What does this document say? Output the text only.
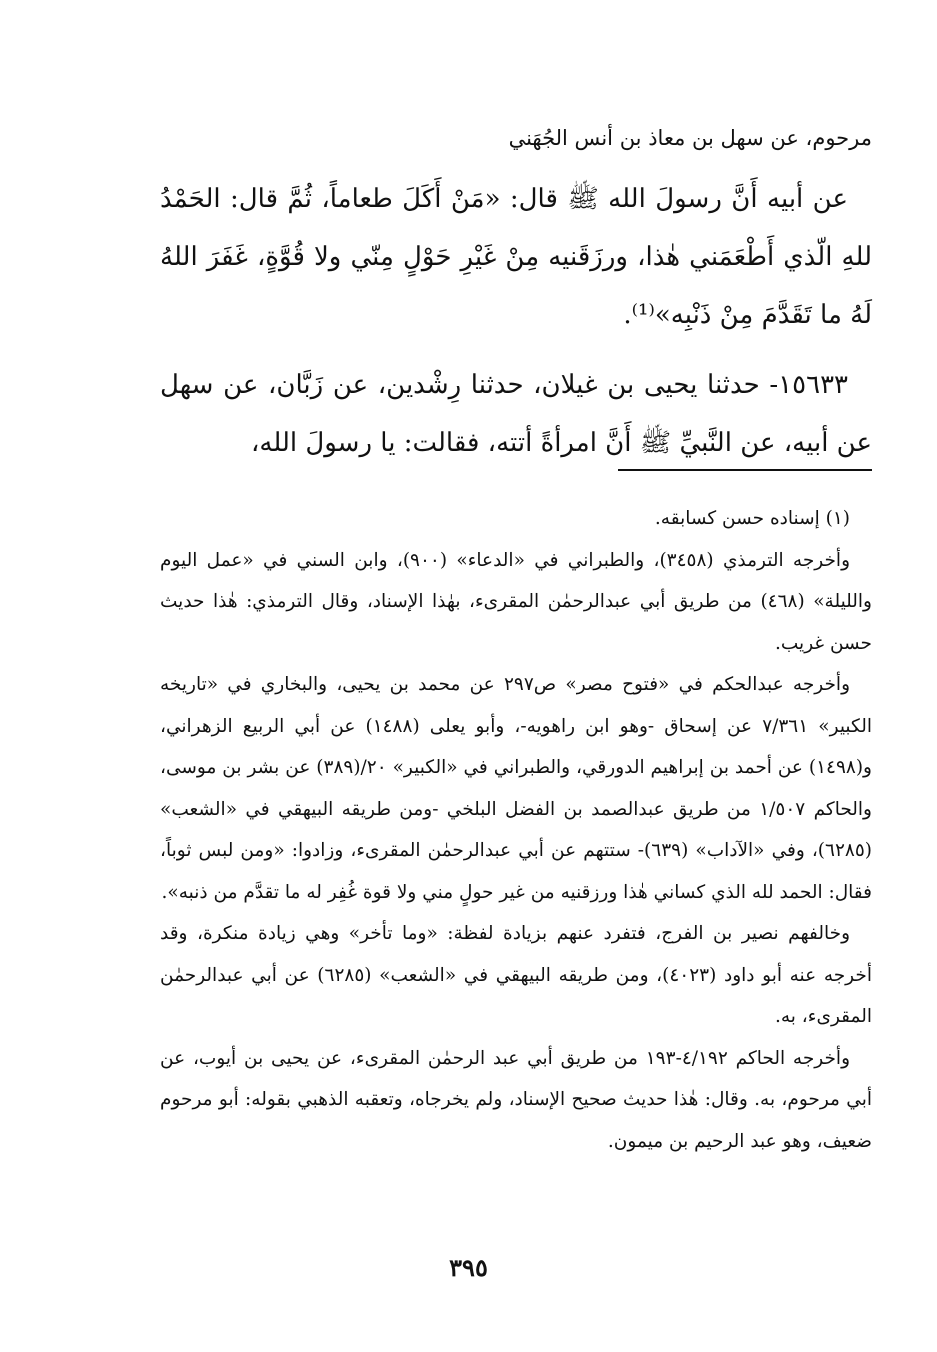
مرحوم، عن سهل بن معاذ بن أنس الجُهَني

عن أبيه أَنَّ رسولَ الله ﷺ قال: «مَنْ أَكَلَ طعاماً، ثُمَّ قال: الحَمْدُ للهِ الّذي أَطْعَمَني هٰذا، ورزَقَنيه مِنْ غَيْرِ حَوْلٍ مِنّي ولا قُوَّةٍ، غَفَرَ اللهُ لَهُ ما تَقَدَّمَ مِنْ ذَنْبِه»⁽¹⁾.

١٥٦٣٣- حدثنا يحيى بن غيلان، حدثنا رِشْدين، عن زَبَّان، عن سهل عن أبيه، عن النَّبيِّ ﷺ أَنَّ امرأةً أتته، فقالت: يا رسولَ الله،

(١) إسناده حسن كسابقه.

وأخرجه الترمذي (٣٤٥٨)، والطبراني في «الدعاء» (٩٠٠)، وابن السني في «عمل اليوم والليلة» (٤٦٨) من طريق أبي عبدالرحمٰن المقرىء، بهٰذا الإسناد، وقال الترمذي: هٰذا حديث حسن غريب.

وأخرجه عبدالحكم في «فتوح مصر» ص٢٩٧ عن محمد بن يحيى، والبخاري في «تاريخه الكبير» ٧/٣٦١ عن إسحاق -وهو ابن راهويه-، وأبو يعلى (١٤٨٨) عن أبي الربيع الزهراني، و(١٤٩٨) عن أحمد بن إبراهيم الدورقي، والطبراني في «الكبير» ٢٠/(٣٨٩) عن بشر بن موسى، والحاكم ١/٥٠٧ من طريق عبدالصمد بن الفضل البلخي -ومن طريقه البيهقي في «الشعب» (٦٢٨٥)، وفي «الآداب» (٦٣٩)- ستتهم عن أبي عبدالرحمٰن المقرىء، وزادوا: «ومن لبس ثوباً، فقال: الحمد لله الذي كساني هٰذا ورزقنيه من غير حولٍ مني ولا قوة غُفِر له ما تقدَّم من ذنبه».

وخالفهم نصير بن الفرج، فتفرد عنهم بزيادة لفظة: «وما تأخر» وهي زيادة منكرة، وقد أخرجه عنه أبو داود (٤٠٢٣)، ومن طريقه البيهقي في «الشعب» (٦٢٨٥) عن أبي عبدالرحمٰن المقرىء، به.

وأخرجه الحاكم ٤/١٩٢-١٩٣ من طريق أبي عبد الرحمٰن المقرىء، عن يحيى بن أيوب، عن أبي مرحوم، به. وقال: هٰذا حديث صحيح الإسناد، ولم يخرجاه، وتعقبه الذهبي بقوله: أبو مرحوم ضعيف، وهو عبد الرحيم بن ميمون.

٣٩٥
